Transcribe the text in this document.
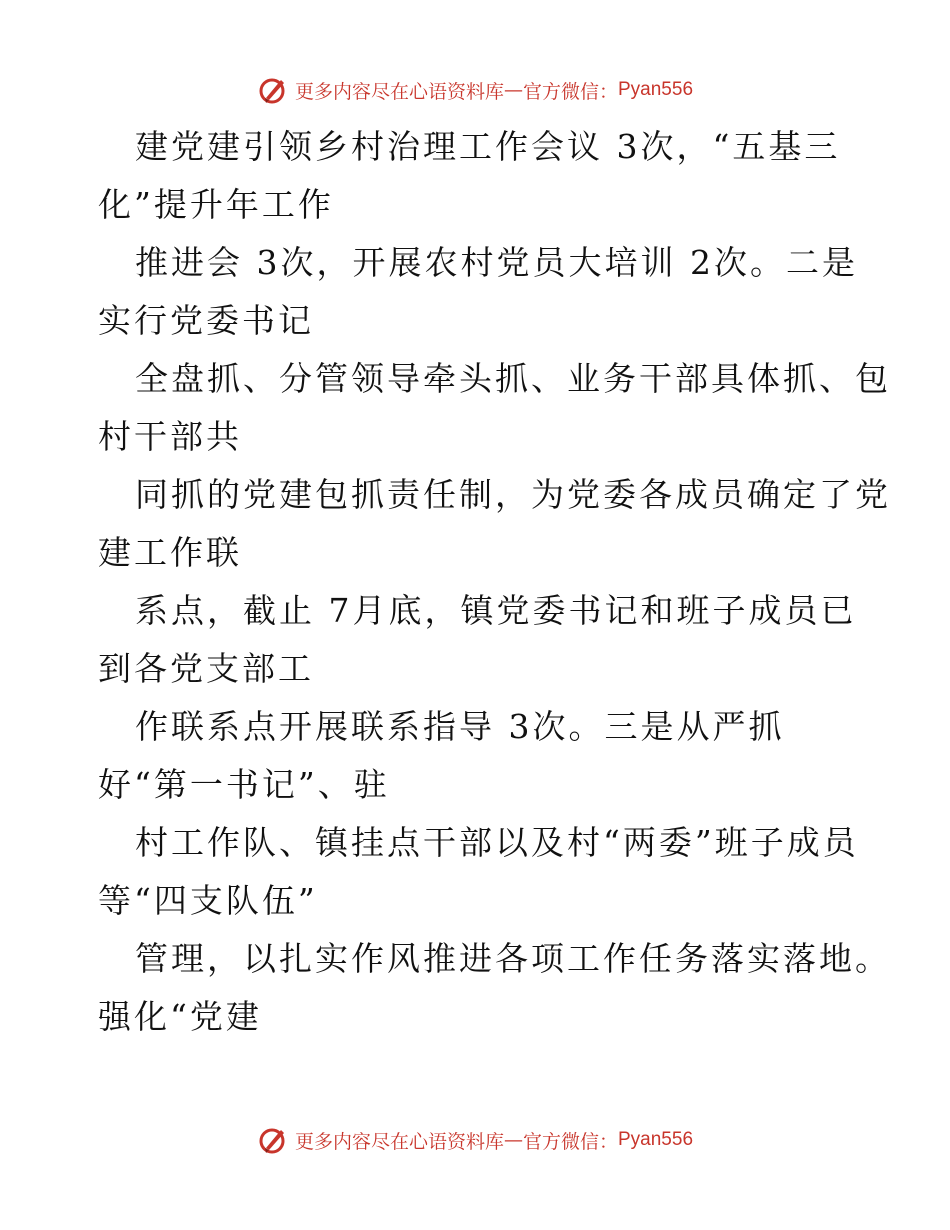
更多内容尽在心语资料库 — 官方微信： Pyan556
建党建引领乡村治理工作会议 3次，“五基三
化”提升年工作
推进会 3次，开展农村党员大培训 2次。二是
实行党委书记
全盘抓、分管领导牵头抓、业务干部具体抓、包
村干部共
同抓的党建包抓责任制，为党委各成员确定了党
建工作联
系点，截止 7月底，镇党委书记和班子成员已
到各党支部工
作联系点开展联系指导 3次。三是从严抓
好“第一书记”、驻
村工作队、镇挂点干部以及村“两委”班子成员
等“四支队伍”
管理，以扎实作风推进各项工作任务落实落地。
强化“党建
更多内容尽在心语资料库 — 官方微信： Pyan556
